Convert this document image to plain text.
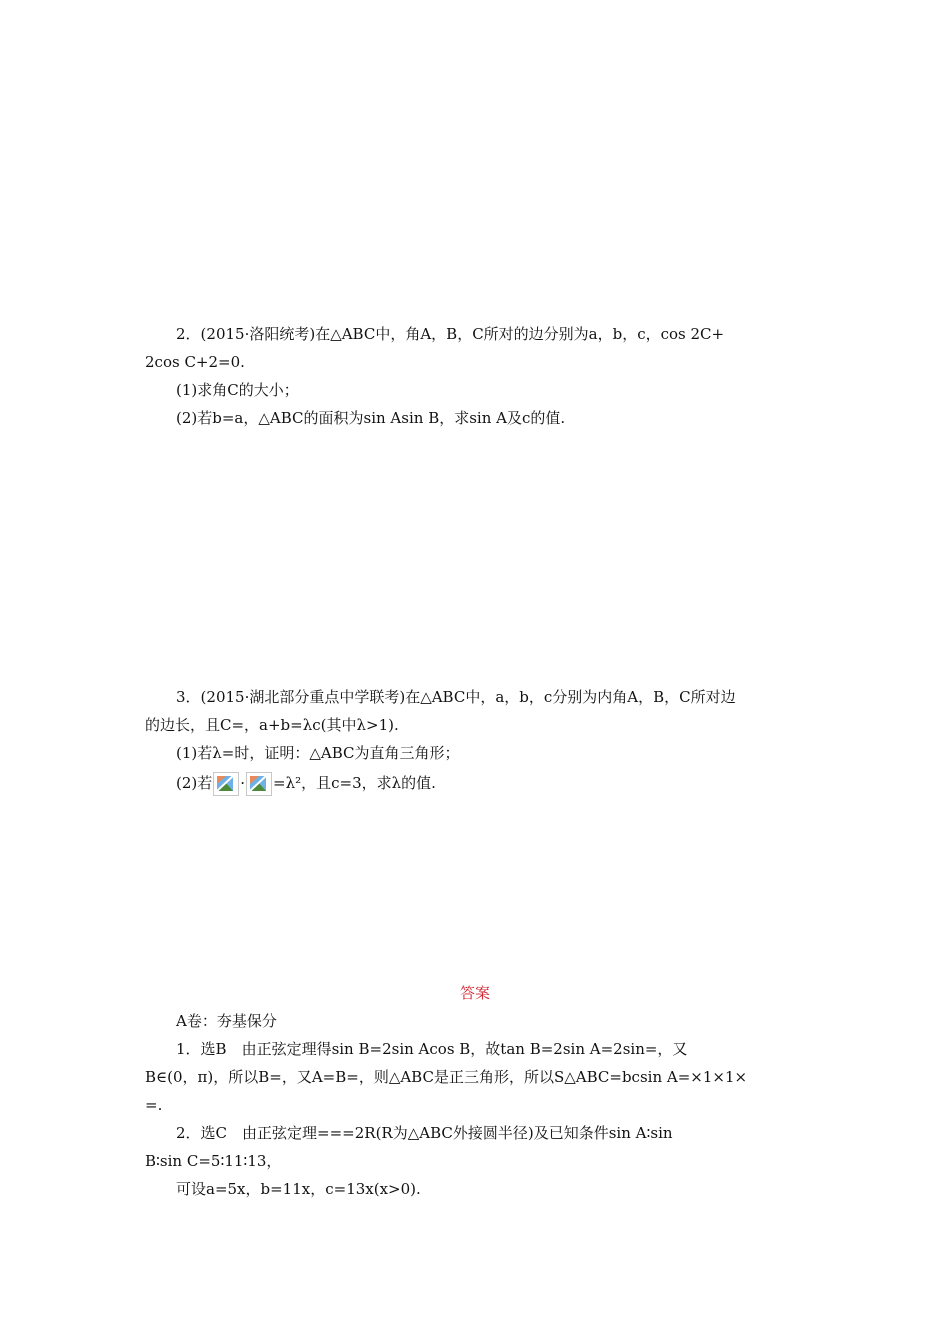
2．(2015·洛阳统考)在△ABC中，角A，B，C所对的边分别为a，b，c，cos 2C+
2cos C+2=0.
(1)求角C的大小；
(2)若b=a，△ABC的面积为sin Asin B，求sin A及c的值.
3．(2015·湖北部分重点中学联考)在△ABC中，a，b，c分别为内角A，B，C所对边
的边长，且C=，a+b=λc(其中λ>1).
(1)若λ=时，证明：△ABC为直角三角形；
(2)若 · =λ²，且c=3，求λ的值.
答案
A卷：夯基保分
1．选B　由正弦定理得sin B=2sin Acos B，故tan B=2sin A=2sin=，又
B∈(0，π)，所以B=，又A=B=，则△ABC是正三角形，所以S△ABC=bcsin A=×1×1×
=.
2．选C　由正弦定理===2R(R为△ABC外接圆半径)及已知条件sin A∶sin
B∶sin C=5∶11∶13，
可设a=5x，b=11x，c=13x(x>0).
